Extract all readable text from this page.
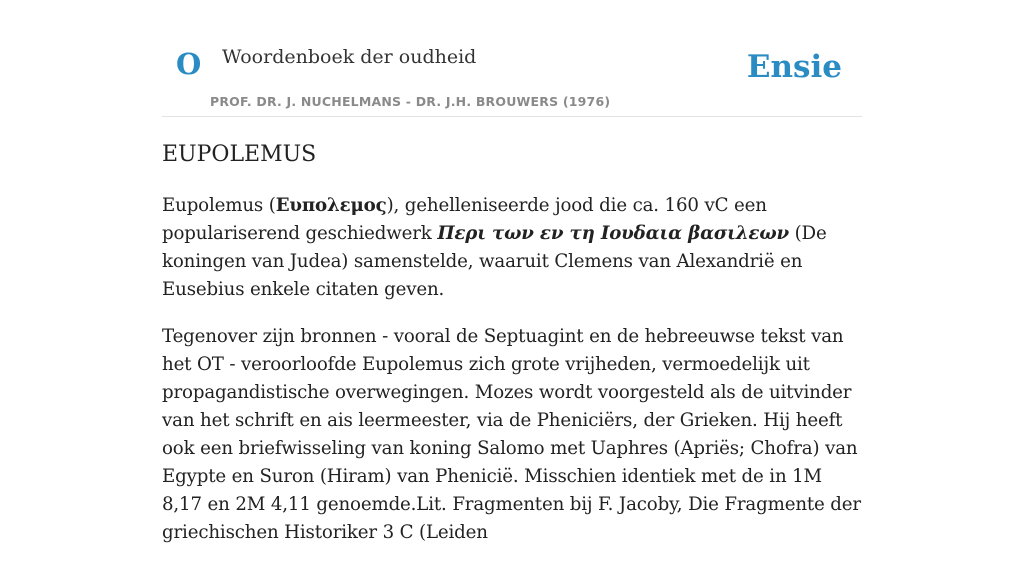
O Woordenboek der oudheid
PROF. DR. J. NUCHELMANS - DR. J.H. BROUWERS (1976)
Ensie
EUPOLEMUS

Eupolemus (Ευπολεμος), gehelleniseerde jood die ca. 160 vC een populariserend geschiedwerk Περι των εν τη Ιουδαια βασιλεων (De koningen van Judea) samenstelde, waaruit Clemens van Alexandrië en Eusebius enkele citaten geven.

Tegenover zijn bronnen - vooral de Septuagint en de hebreeuwse tekst van het OT - veroorloofde Eupolemus zich grote vrijheden, vermoedelijk uit propagandistische overwegingen. Mozes wordt voorgesteld als de uitvinder van het schrift en ais leermeester, via de Pheniciërs, der Grieken. Hij heeft ook een briefwisseling van koning Salomo met Uaphres (Apriës; Chofra) van Egypte en Suron (Hiram) van Phenicië. Misschien identiek met de in 1M 8,17 en 2M 4,11 genoemde.Lit. Fragmenten bij F. Jacoby, Die Fragmente der griechischen Historiker 3 C (Leiden
